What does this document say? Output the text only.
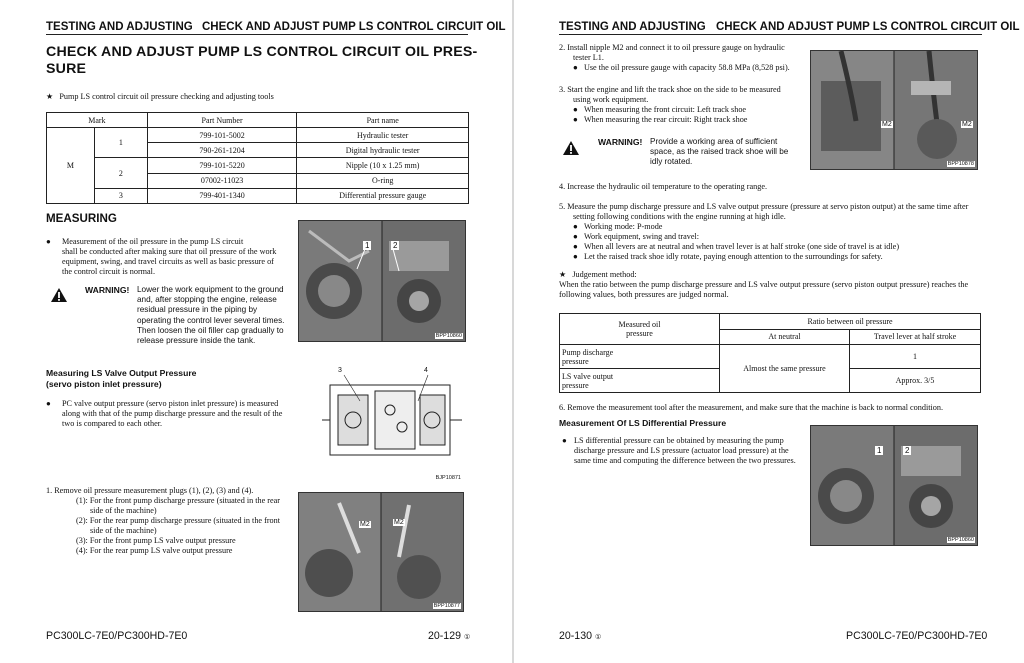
TESTING AND ADJUSTING CHECK AND ADJUST PUMP LS CONTROL CIRCUIT OIL
CHECK AND ADJUST PUMP LS CONTROL CIRCUIT OIL PRES-
SURE
★ Pump LS control circuit oil pressure checking and adjusting tools
Mark		Part Number	Part name
M	1	799-101-5002	Hydraulic tester
		790-261-1204	Digital hydraulic tester
	2	799-101-5220	Nipple (10 x 1.25 mm)
		07002-11023	O-ring
	3	799-401-1340	Differential pressure gauge
MEASURING
● Measurement of the oil pressure in the pump LS circuit
shall be conducted after making sure that oil pressure of the work
equipment, swing, and travel circuits as well as basic pressure of
the control circuit is normal.
WARNING! Lower the work equipment to the ground
and, after stopping the engine, release
residual pressure in the piping by
operating the control lever several times.
Then loosen the oil filler cap gradually to
release pressure inside the tank.
1	2
BPP10860
Measuring LS Valve Output Pressure
(servo piston inlet pressure)
● PC valve output pressure (servo piston inlet pressure) is measured
along with that of the pump discharge pressure and the result of the
two is compared to each other.
3	4
BJP10871
1. Remove oil pressure measurement plugs (1), (2), (3) and (4).
(1): For the front pump discharge pressure (situated in the rear
side of the machine)
(2): For the rear pump discharge pressure (situated in the front
side of the machine)
(3): For the front pump LS valve output pressure
(4): For the rear pump LS valve output pressure
M2	M2
BPP10877
PC300LC-7E0/PC300HD-7E0	20-129 ①
TESTING AND ADJUSTING CHECK AND ADJUST PUMP LS CONTROL CIRCUIT OIL
2. Install nipple M2 and connect it to oil pressure gauge on hydraulic
tester L1.
● Use the oil pressure gauge with capacity 58.8 MPa (8,528 psi).
3. Start the engine and lift the track shoe on the side to be measured
using work equipment.
● When measuring the front circuit: Left track shoe
● When measuring the rear circuit: Right track shoe
WARNING! Provide a working area of sufficient
space, as the raised track shoe will be
idly rotated.
M2	M2
BPP10878
4. Increase the hydraulic oil temperature to the operating range.
5. Measure the pump discharge pressure and LS valve output pressure (pressure at servo piston output) at the same time after
setting following conditions with the engine running at high idle.
● Working mode: P-mode
● Work equipment, swing and travel:
● When all levers are at neutral and when travel lever is at half stroke (one side of travel is at idle)
● Let the raised track shoe idly rotate, paying enough attention to the surroundings for safety.
★ Judgement method:
When the ratio between the pump discharge pressure and LS valve output pressure (servo piston output pressure) reaches the
following values, both pressures are judged normal.
Measured oil
pressure	Ratio between oil pressure	
	At neutral	Travel lever at half stroke

Pump discharge
pressure	Almost the same pressure	1

LS valve output
pressure		Approx. 3/5
6. Remove the measurement tool after the measurement, and make sure that the machine is back to normal condition.
Measurement Of LS Differential Pressure
● LS differential pressure can be obtained by measuring the pump
discharge pressure and LS pressure (actuator load pressure) at the
same time and computing the difference between the two pressures.
1	2
BPP10860
20-130 ①	PC300LC-7E0/PC300HD-7E0
